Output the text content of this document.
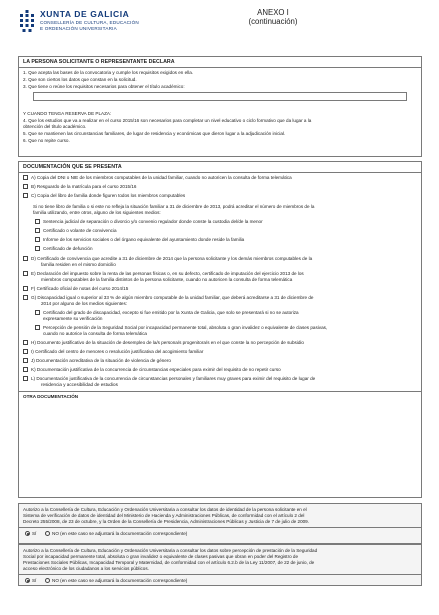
XUNTA DE GALICIA
CONSELLERÍA DE CULTURA, EDUCACIÓN
E ORDENACIÓN UNIVERSITARIA
ANEXO I
(continuación)
LA PERSONA SOLICITANTE O REPRESENTANTE DECLARA
1. Que acepta las bases de la convocatoria y cumple los requisitos exigidos en ella.
2. Que son ciertos los datos que constan en la solicitud.
3. Que tiene o reúne los requisitos necesarios para obtener el título académico:
Y CUANDO TENGA RESERVA DE PLAZA:
4. Que los estudios que va a realizar en el curso 2015/16 son necesarios para completar un nivel educativo o ciclo formativo que da lugar a la
obtención del título académico.
5. Que se mantienen las circunstancias familiares, de lugar de residencia y económicas que dieron lugar a la adjudicación inicial.
6. Que no repite curso.
DOCUMENTACIÓN QUE SE PRESENTA
A) Copia del DNI o NIE de los miembros computables de la unidad familiar, cuando no autoricen la consulta de forma telemática
B) Resguardo de la matrícula para el curso 2015/16
C) Copia del libro de familia donde figuren todos los miembros computables
Si no tiene libro de familia o si este no refleja la situación familiar a 31 de diciembre de 2013, podrá acreditar el número de miembros de la
familia utilizando, entre otros, alguno de los siguientes medios:
Sentencia judicial de separación o divorcio y/o convenio regulador donde conste la custodia del/de la menor
Certificado o volante de convivencia
Informe de los servicios sociales o del órgano equivalente del ayuntamiento donde reside la familia
Certificado de defunción
D) Certificado de convivencia que acredite a 31 de diciembre de 2014 que la persona solicitante y los demás miembros computables de la
familia residen en el mismo domicilio
E) Declaración del impuesto sobre la renta de las personas físicas o, en su defecto, certificado de imputación del ejercicio 2013 de los
miembros computables de la familia distintos de la persona solicitante, cuando no autoricen la consulta de forma telemática
F) Certificado oficial de notas del curso 2014/15
G) Discapacidad igual o superior al 33 % de algún miembro computable de la unidad familiar, que deberá acreditarse a 31 de diciembre de
2014 por alguno de los medios siguientes:
Certificado del grado de discapacidad, excepto si fue emitido por la Xunta de Galicia, que solo se presentará si no se autoriza
expresamente su verificación
Percepción de pensión de la Seguridad Social por incapacidad permanente total, absoluta o gran invalidez o equivalente de clases pasivas,
cuando no autorice la consulta de forma telemática
H) Documento justificativo de la situación de desempleo de la/s persona/s progenitora/s en el que conste la no percepción de subsidio
I) Certificado del centro de menores o resolución justificativa del acogimiento familiar
J) Documentación acreditativa de la situación de violencia de género
K) Documentación justificativa de la concurrencia de circunstancias especiales para eximir del requisito de no repetir curso
L) Documentación justificativa de la concurrencia de circunstancias personales y familiares muy graves para eximir del requisito de lugar de
residencia y accesibilidad de estudios
OTRA DOCUMENTACIÓN
Autorizo a la Consellería de Cultura, Educación y Ordenación Universitaria a consultar los datos de identidad de la persona solicitante en el
Sistema de verificación de datos de identidad del Ministerio de Hacienda y Administraciones Públicas, de conformidad con el artículo 2 del
Decreto 255/2008, de 23 de octubre, y la Orden de la Consellería de Presidencia, Administraciones Públicas y Justicia de 7 de julio de 2009.
SÍ	NO (en este caso se adjuntará la documentación correspondiente)
Autorizo a la Consellería de Cultura, Educación y Ordenación Universitaria a consultar los datos sobre percepción de prestación de la Seguridad
Social por incapacidad permanente total, absoluta o gran invalidez o equivalente de clases pasivas que obran en poder del Registro de
Prestaciones Sociales Públicas, Incapacidad Temporal y Maternidad, de conformidad con el artículo 6.2.b de la Ley 11/2007, de 22 de junio, de
acceso electrónico de los ciudadanos a los servicios públicos.
SÍ	NO (en este caso se adjuntará la documentación correspondiente)
